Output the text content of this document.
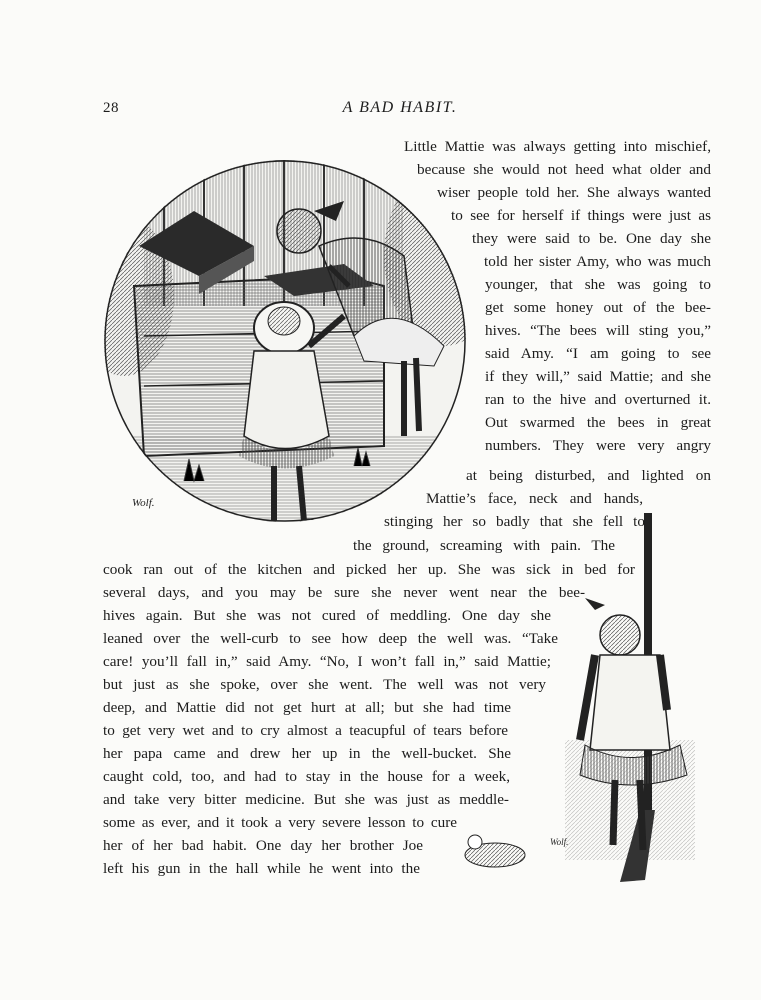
28	A BAD HABIT.
Wolf.
Wolf.
Little Mattie was always getting into mischief,
because she would not heed what older and
wiser people told her. She always wanted
to see for herself if things were just as
they were said to be. One day she
told her sister Amy, who was much
younger, that she was going to
get some honey out of the bee-
hives. “The bees will sting you,”
said Amy. “I am going to see
if they will,” said Mattie; and she
ran to the hive and overturned it.
Out swarmed the bees in great
numbers. They were very angry
at being disturbed, and lighted on
Mattie’s face, neck and hands,
stinging her so badly that she fell to
the ground, screaming with pain. The
cook ran out of the kitchen and picked her up. She was sick in bed for
several days, and you may be sure she never went near the bee-
hives again. But she was not cured of meddling. One day she
leaned over the well-curb to see how deep the well was. “Take
care! you’ll fall in,” said Amy. “No, I won’t fall in,” said Mattie;
but just as she spoke, over she went. The well was not very
deep, and Mattie did not get hurt at all; but she had time
to get very wet and to cry almost a teacupful of tears before
her papa came and drew her up in the well-bucket. She
caught cold, too, and had to stay in the house for a week,
and take very bitter medicine. But she was just as meddle-
some as ever, and it took a very severe lesson to cure
her of her bad habit. One day her brother Joe
left his gun in the hall while he went into the
